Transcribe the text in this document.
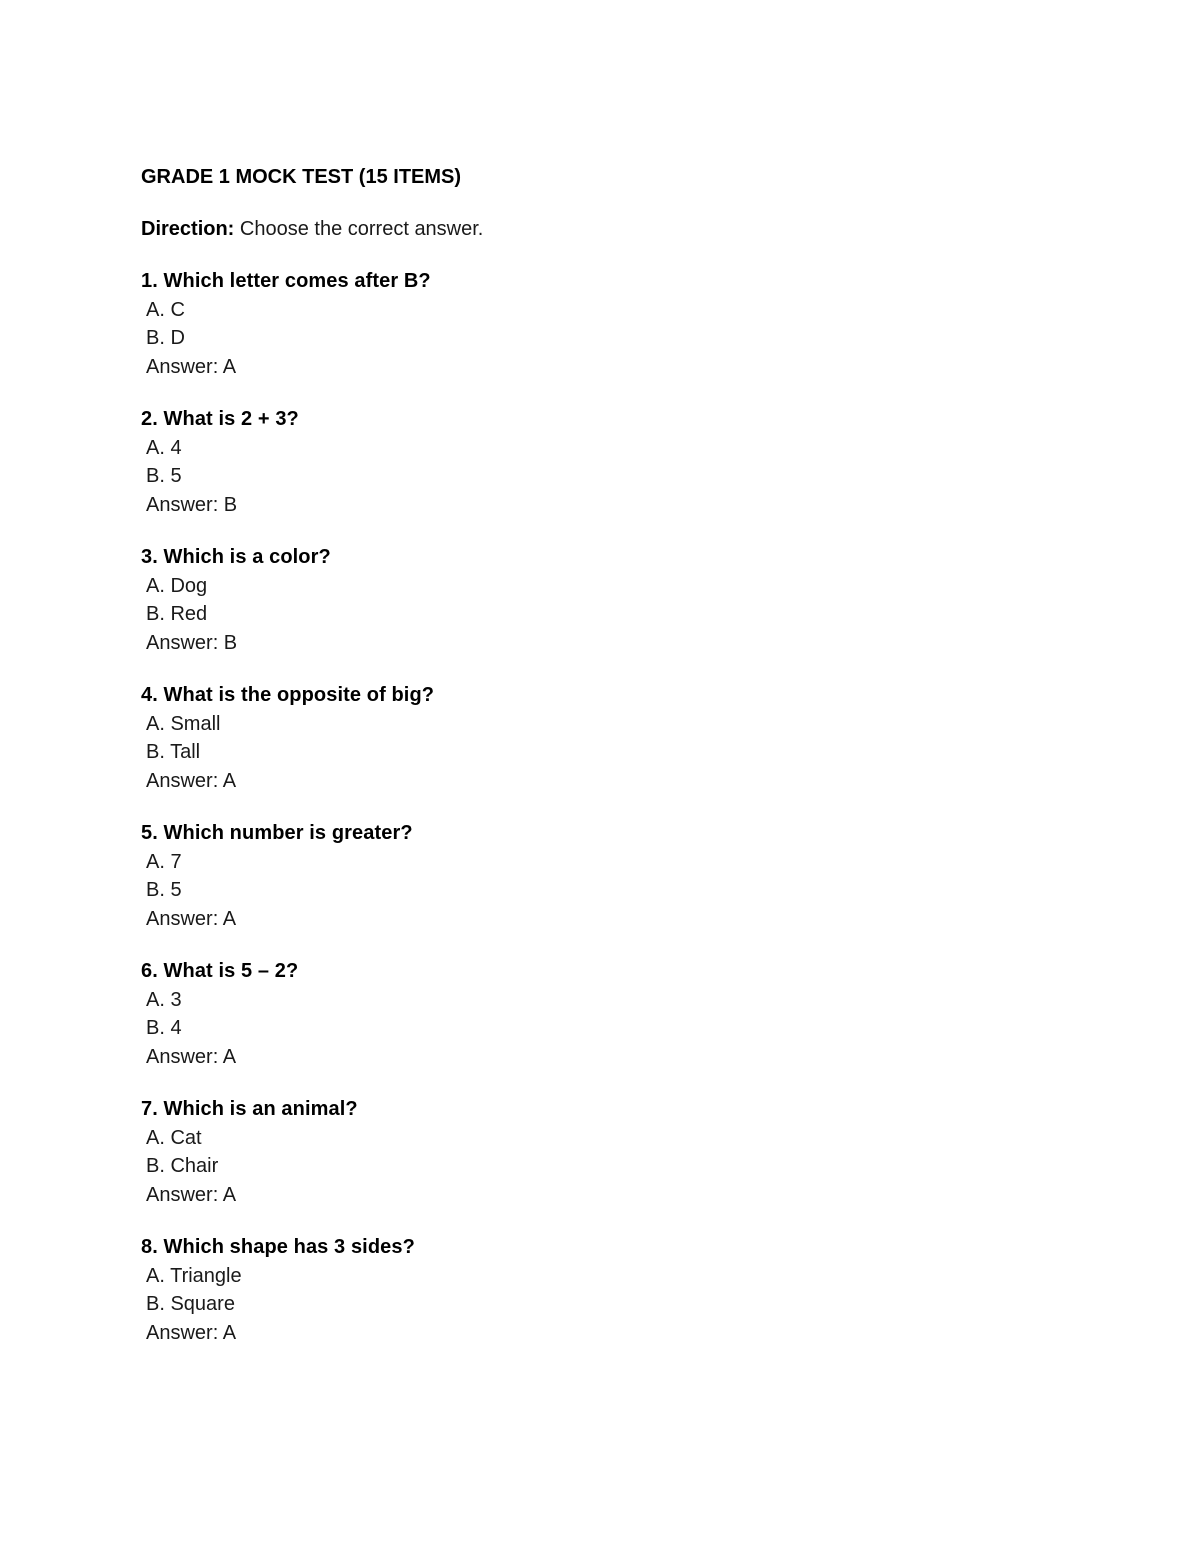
GRADE 1 MOCK TEST (15 ITEMS)
Direction: Choose the correct answer.
1. Which letter comes after B?
A. C
B. D
Answer: A
2. What is 2 + 3?
A. 4
B. 5
Answer: B
3. Which is a color?
A. Dog
B. Red
Answer: B
4. What is the opposite of big?
A. Small
B. Tall
Answer: A
5. Which number is greater?
A. 7
B. 5
Answer: A
6. What is 5 – 2?
A. 3
B. 4
Answer: A
7. Which is an animal?
A. Cat
B. Chair
Answer: A
8. Which shape has 3 sides?
A. Triangle
B. Square
Answer: A
